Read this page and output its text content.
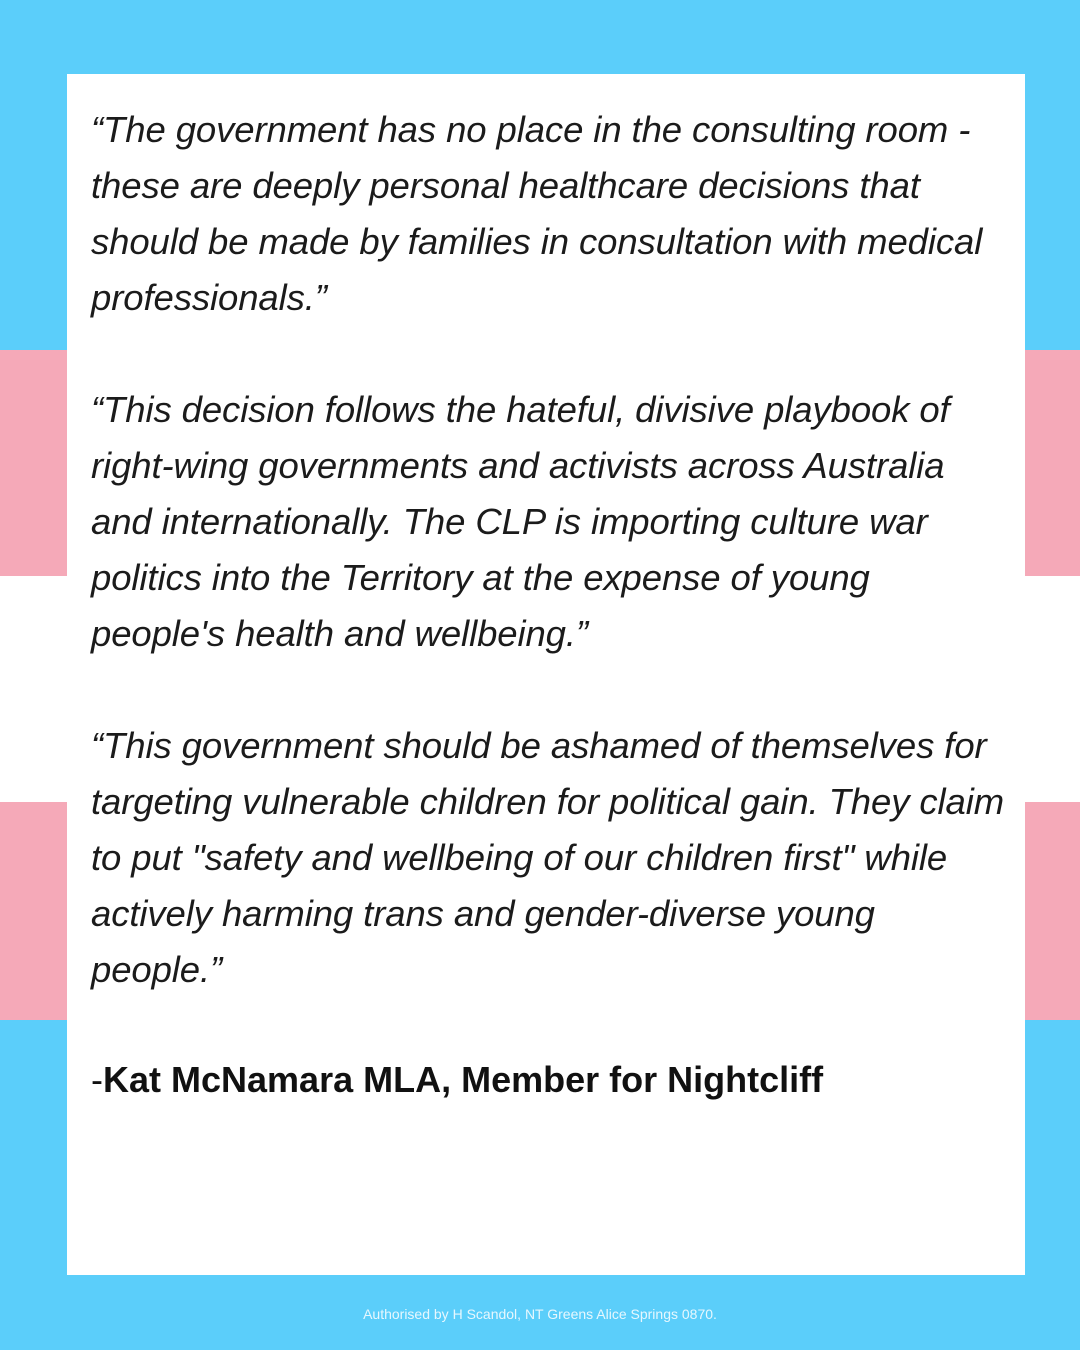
“The government has no place in the consulting room - these are deeply personal healthcare decisions that should be made by families in consultation with medical professionals.”

“This decision follows the hateful, divisive playbook of right-wing governments and activists across Australia and internationally. The CLP is importing culture war politics into the Territory at the expense of young people's health and wellbeing.”

“This government should be ashamed of themselves for targeting vulnerable children for political gain. They claim to put "safety and wellbeing of our children first" while actively harming trans and gender-diverse young people.”

-Kat McNamara MLA, Member for Nightcliff

Authorised by H Scandol, NT Greens Alice Springs 0870.
